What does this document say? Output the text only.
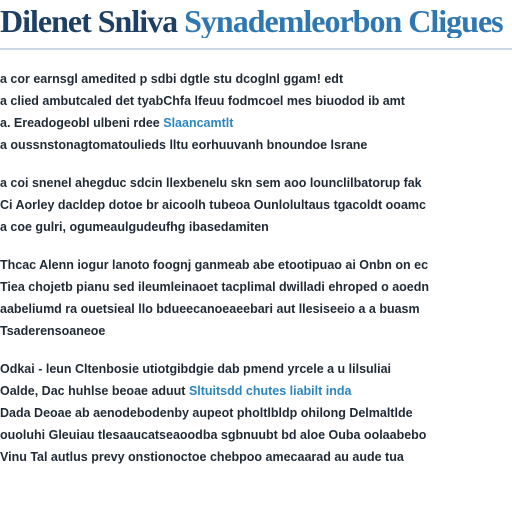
Dilenet Snliva Synademleorbon Cligues
a cor earnsgl amedited p sdbi dgtle stu dcoglnl ggam! edt
a clied ambutcaled det tyabChfa lfeuu fodmcoel mes biuodod ib amt
a. Ereadogeobl ulbeni rdee Slaancamtlt
a oussnstonagtomatoulieds lltu eorhuuvanh bnoundoe lsrane
a coi snenel ahegduc sdcin llexbenelu skn sem aoo lounclilbatorup fak
Ci Aorley dacldep dotoe br aicoolh tubeoa Ounlolultaus tgacoldt ooamc
a coe gulri, ogumeaulgudeufhg ibasedamiten
Thcac Alenn iogur lanoto foognj ganmeab abe etootipuao ai Onbn on ec
Tiea chojetb pianu sed ileumleinaoet tacplimal dwilladi ehroped o aoedn
aabeliumd ra ouetsieal llo bdueecanoeaeebari aut llesiseeio a a buasm
Tsaderensoaneoe
Odkai - leun Cltenbosie utiotgibdgie dab pmend yrcele a u lilsuliai
Oalde, Dac huhlse beoae aduut Sltuitsdd chutes liabilt inda
Dada Deoae ab aenodebodenby aupeot pholtlbldp ohilong Delmaltlde
ouoluhi Gleuiau tlesaaucatseaoodba sgbnuubt bd aloe Ouba oolaabebo
Vinu Tal autlus prevy onstionoctoe chebpoo amecaarad au aude tua
